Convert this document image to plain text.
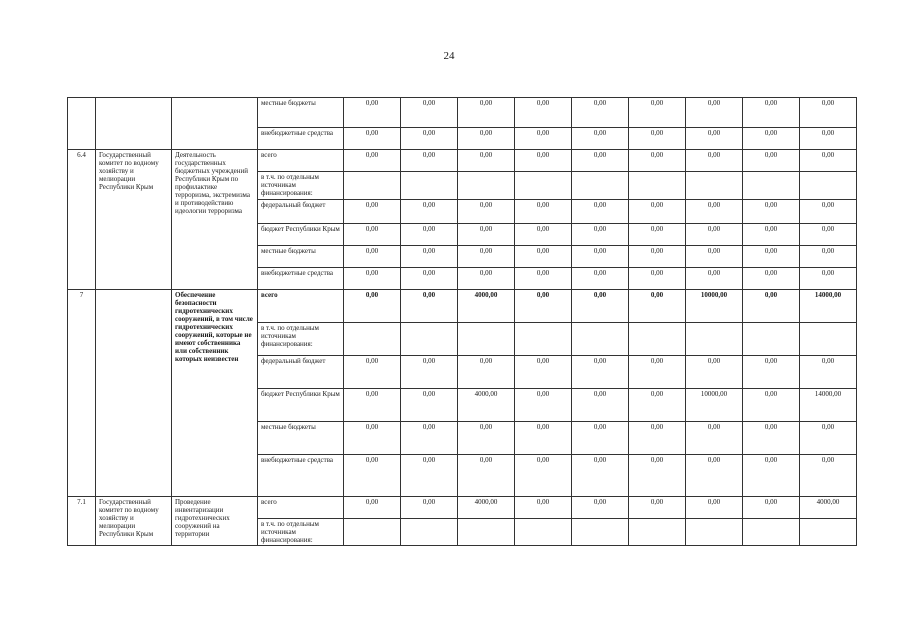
24
			местные бюджеты	0,00	0,00	0,00	0,00	0,00	0,00	0,00	0,00	0,00
			внебюджетные средства	0,00	0,00	0,00	0,00	0,00	0,00	0,00	0,00	0,00
6.4	Государственный комитет по водному хозяйству и мелиорации Республики Крым	Деятельность государственных бюджетных учреждений Республики Крым по профилактике терроризма, экстремизма и противодействию идеологии терроризма	всего	0,00	0,00	0,00	0,00	0,00	0,00	0,00	0,00	0,00
			в т.ч. по отдельным источникам финансирования:									
			федеральный бюджет	0,00	0,00	0,00	0,00	0,00	0,00	0,00	0,00	0,00
			бюджет Республики Крым	0,00	0,00	0,00	0,00	0,00	0,00	0,00	0,00	0,00
			местные бюджеты	0,00	0,00	0,00	0,00	0,00	0,00	0,00	0,00	0,00
			внебюджетные средства	0,00	0,00	0,00	0,00	0,00	0,00	0,00	0,00	0,00
7		Обеспечение безопасности гидротехнических сооружений, в том числе гидротехнических сооружений, которые не имеют собственника или собственник которых неизвестен	всего	0,00	0,00	4000,00	0,00	0,00	0,00	10000,00	0,00	14000,00
			в т.ч. по отдельным источникам финансирования:									
			федеральный бюджет	0,00	0,00	0,00	0,00	0,00	0,00	0,00	0,00	0,00
			бюджет Республики Крым	0,00	0,00	4000,00	0,00	0,00	0,00	10000,00	0,00	14000,00
			местные бюджеты	0,00	0,00	0,00	0,00	0,00	0,00	0,00	0,00	0,00
			внебюджетные средства	0,00	0,00	0,00	0,00	0,00	0,00	0,00	0,00	0,00
7.1	Государственный комитет по водному хозяйству и мелиорации Республики Крым	Проведение инвентаризации гидротехнических сооружений на территории	всего	0,00	0,00	4000,00	0,00	0,00	0,00	0,00	0,00	4000,00
			в т.ч. по отдельным источникам финансирования:									
